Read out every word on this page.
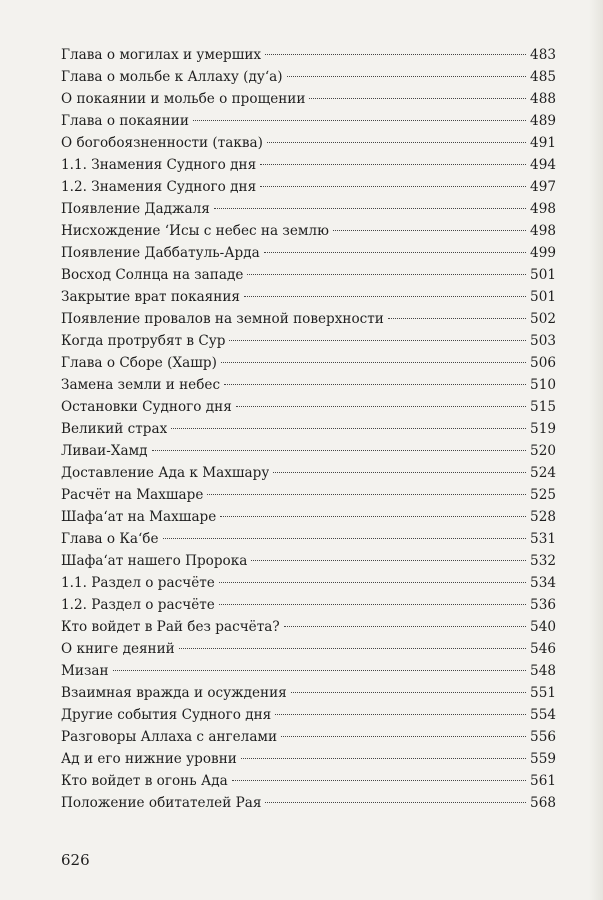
Глава о могилах и умерших	483
Глава о мольбе к Аллаху (ду‘а)	485
О покаянии и мольбе о прощении	488
Глава о покаянии	489
О богобоязненности (таква)	491
1.1. Знамения Судного дня	494
1.2. Знамения Судного дня	497
Появление Даджаля	498
Нисхождение ‘Исы с небес на землю	498
Появление Даббатуль-Арда	499
Восход Солнца на западе	501
Закрытие врат покаяния	501
Появление провалов на земной поверхности	502
Когда протрубят в Сур	503
Глава о Сборе (Хашр)	506
Замена земли и небес	510
Остановки Судного дня	515
Великий страх	519
Ливаи-Хамд	520
Доставление Ада к Махшару	524
Расчёт на Махшаре	525
Шафа‘ат на Махшаре	528
Глава о Ка‘бе	531
Шафа‘ат нашего Пророка	532
1.1. Раздел о расчёте	534
1.2. Раздел о расчёте	536
Кто войдет в Рай без расчёта?	540
О книге деяний	546
Мизан	548
Взаимная вражда и осуждения	551
Другие события Судного дня	554
Разговоры Аллаха с ангелами	556
Ад и его нижние уровни	559
Кто войдет в огонь Ада	561
Положение обитателей Рая	568
626
